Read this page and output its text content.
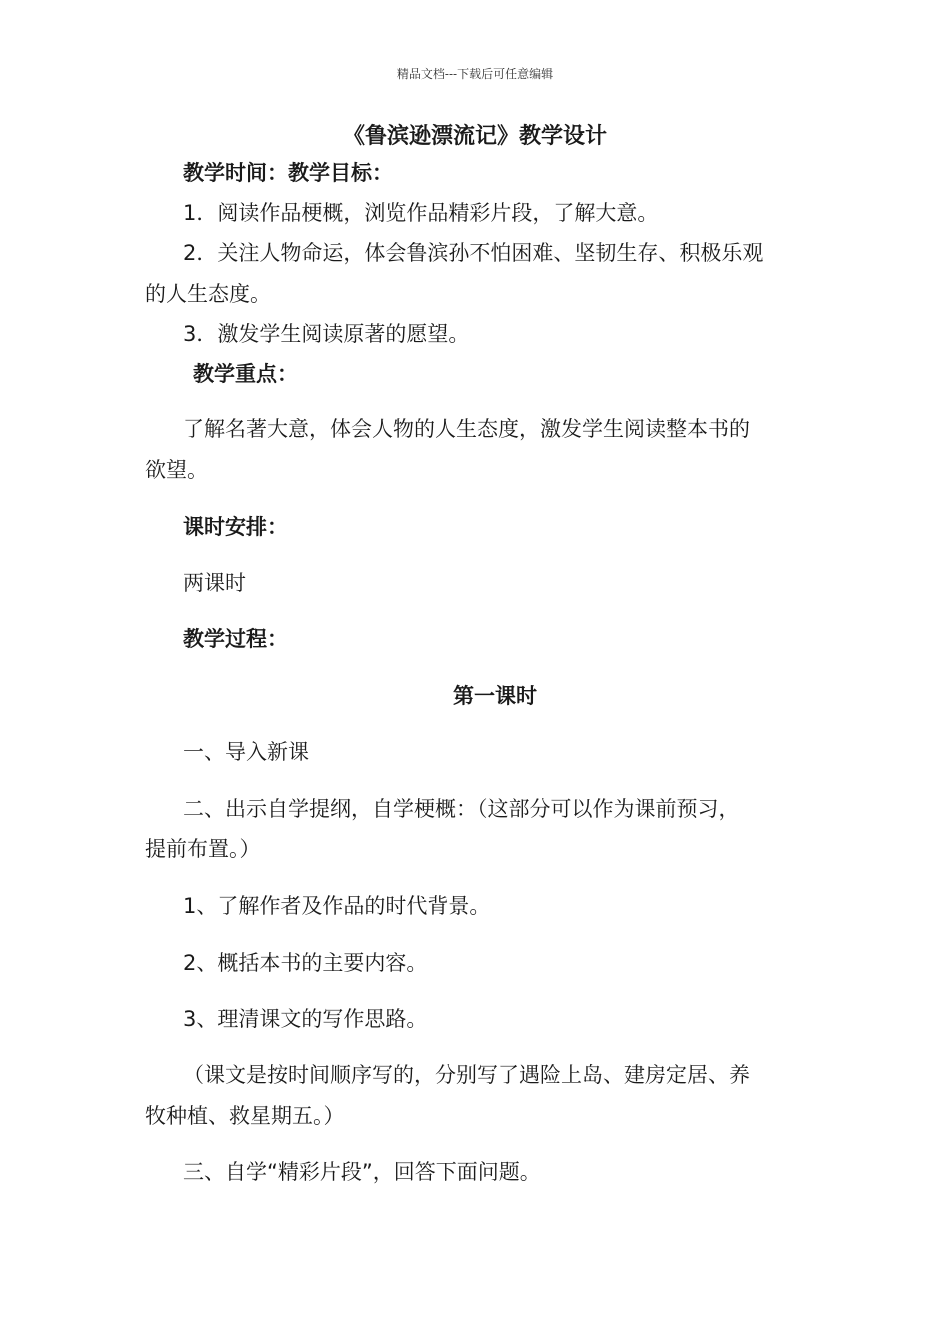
精品文档---下载后可任意编辑
《鲁滨逊漂流记》教学设计
教学时间：教学目标：
1．阅读作品梗概，浏览作品精彩片段，了解大意。
2．关注人物命运，体会鲁滨孙不怕困难、坚韧生存、积极乐观
的人生态度。
3．激发学生阅读原著的愿望。
教学重点：
了解名著大意，体会人物的人生态度，激发学生阅读整本书的
欲望。
课时安排：
两课时
教学过程：
第一课时
一、导入新课
二、出示自学提纲，自学梗概：（这部分可以作为课前预习，
提前布置。）
1、了解作者及作品的时代背景。
2、概括本书的主要内容。
3、理清课文的写作思路。
（课文是按时间顺序写的，分别写了遇险上岛、建房定居、养
牧种植、救星期五。）
三、自学“精彩片段”，回答下面问题。
